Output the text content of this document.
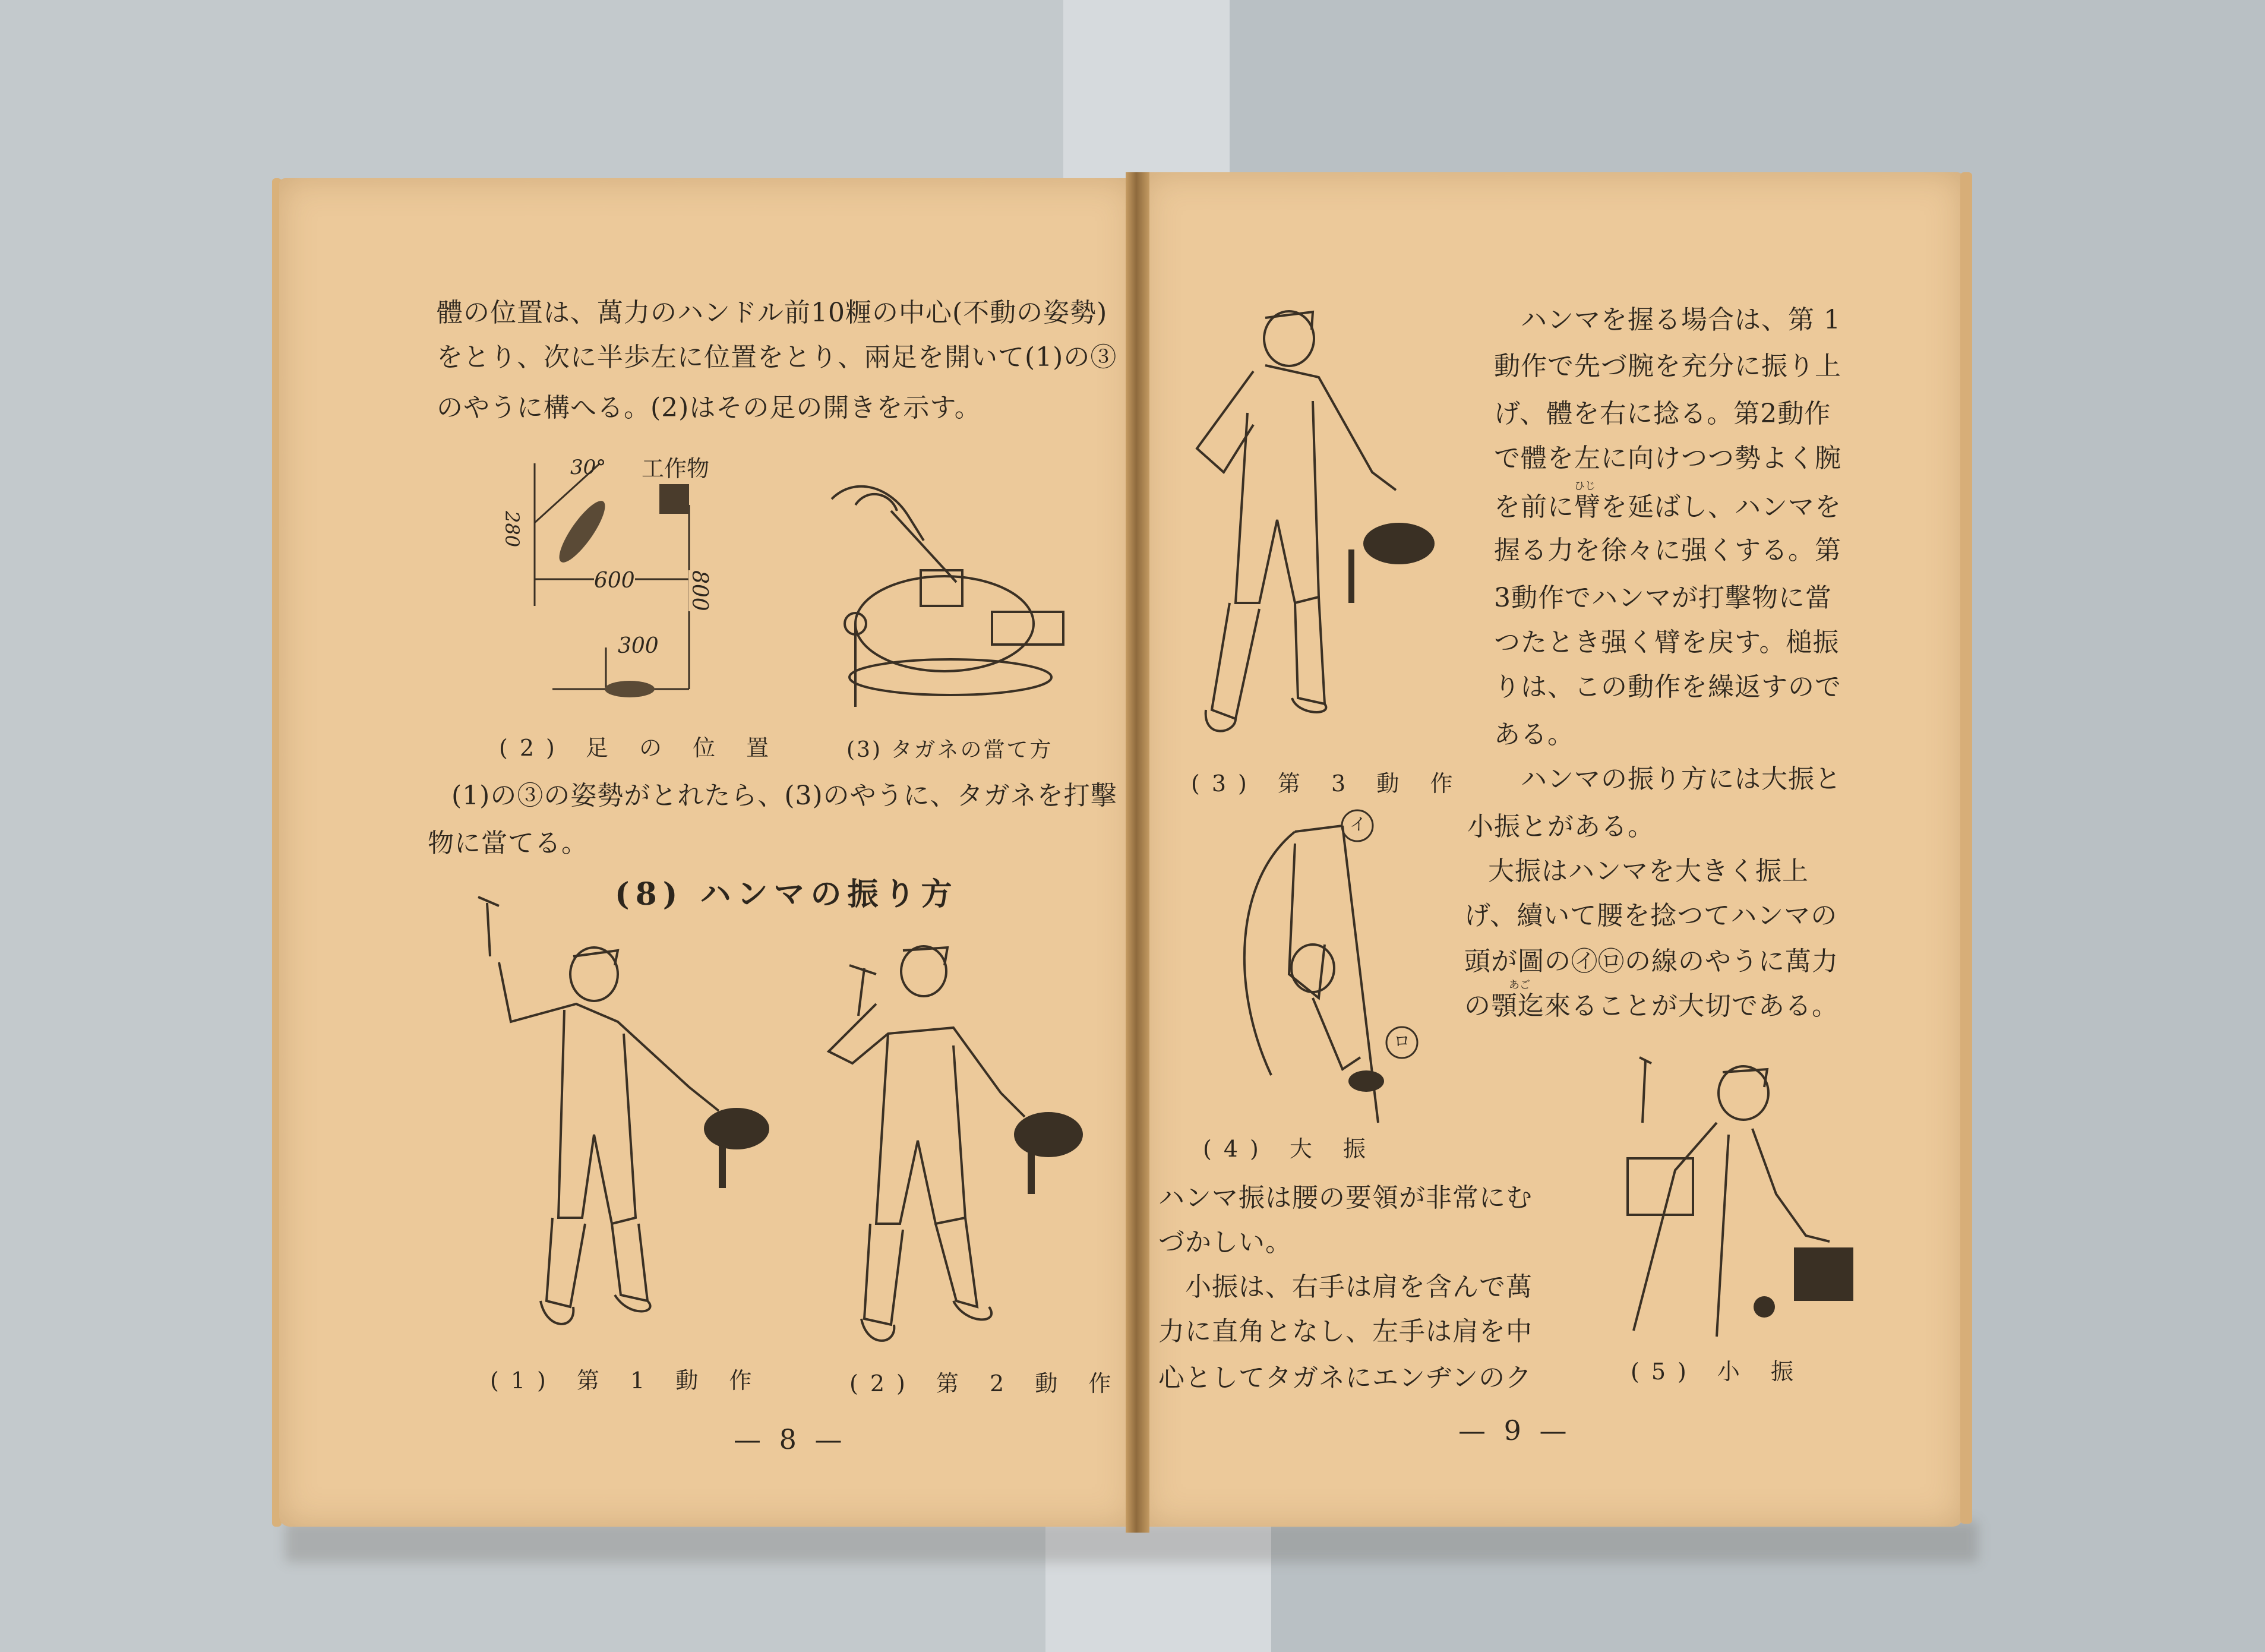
體の位置は、萬力のハンドル前10糎の中心(不動の姿勢)
をとり、次に半歩左に位置をとり、兩足を開いて(1)の③
のやうに構へる。(2)はその足の開きを示す。
工作物
30°
280
600 800
300
(2) 足 の 位 置	(3) タガネの當て方
(1)の③の姿勢がとれたら、(3)のやうに、タガネを打擊
物に當てる。
(8) ハンマの振り方
(1) 第 1 動 作	(2) 第 2 動 作
— 8 —
ハンマを握る場合は、第 1
動作で先づ腕を充分に振り上
げ、體を右に捻る。第2動作
で體を左に向けつつ勢よく腕
ひじ
を前に臂を延ばし、ハンマを
握る力を徐々に强くする。第
3動作でハンマが打擊物に當
つたとき强く臂を戻す。槌振
りは、この動作を繰返すので
ある。
(3) 第 3 動 作 ハンマの振り方には大振と
小振とがある。
イ
ロ
大振はハンマを大きく振上
げ、續いて腰を捻つてハンマの
頭が圖の㋑㋺の線のやうに萬力
あご
の顎迄來ることが大切である。
(4) 大 振
ハンマ振は腰の要領が非常にむ
づかしい。
小振は、右手は肩を含んで萬
力に直角となし、左手は肩を中
心としてタガネにエンヂンのク	(5) 小 振
— 9 —
